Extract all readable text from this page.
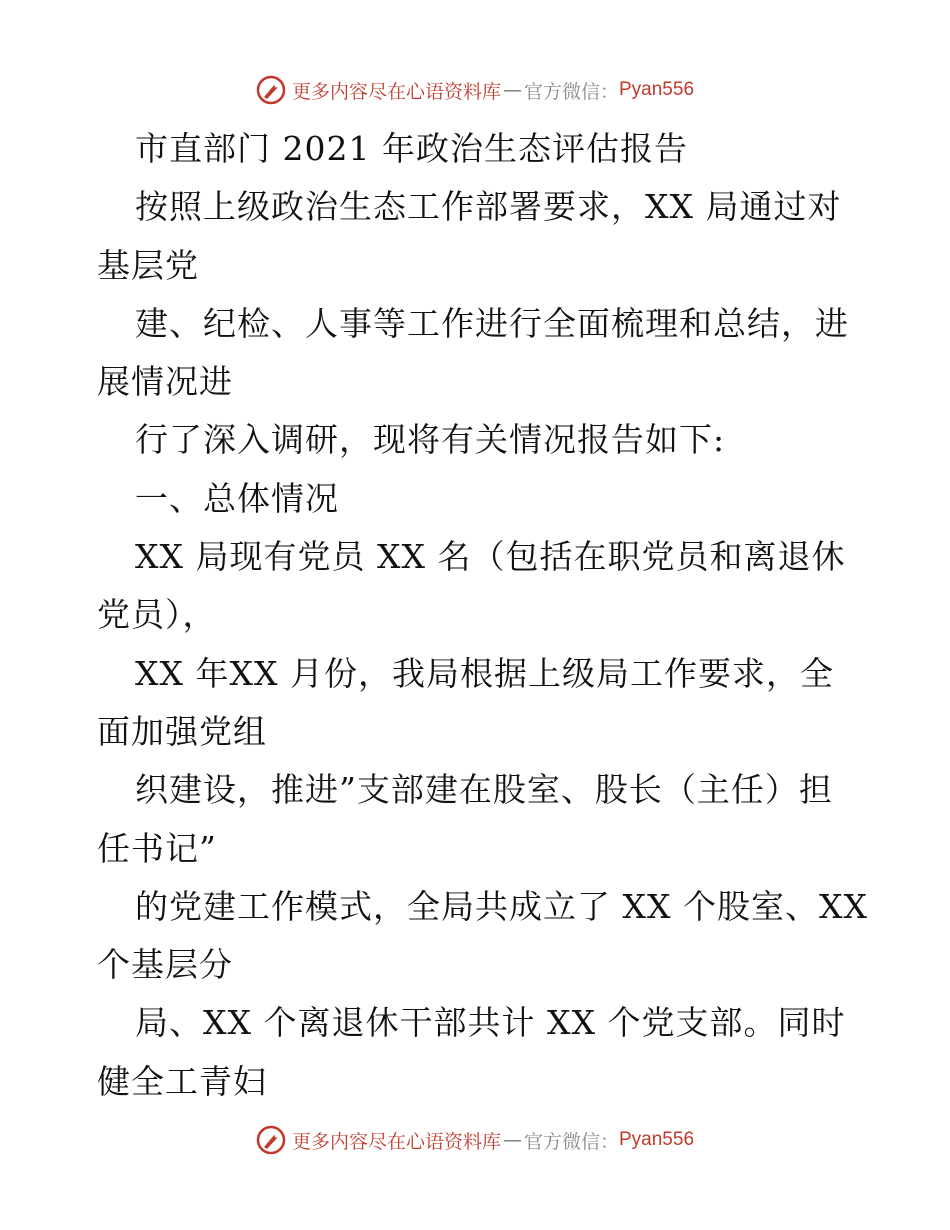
更多内容尽在心语资料库 — 官方微信： Pyan556
市直部门 2021 年政治生态评估报告
按照上级政治生态工作部署要求，XX 局通过对
基层党
建、纪检、人事等工作进行全面梳理和总结，进
展情况进
行了深入调研，现将有关情况报告如下:
一、总体情况
XX 局现有党员 XX 名（包括在职党员和离退休
党员），
XX 年XX 月份，我局根据上级局工作要求，全
面加强党组
织建设，推进”支部建在股室、股长（主任）担
任书记”
的党建工作模式，全局共成立了 XX 个股室、XX
个基层分
局、XX 个离退休干部共计 XX 个党支部。同时
健全工青妇
更多内容尽在心语资料库 — 官方微信： Pyan556
